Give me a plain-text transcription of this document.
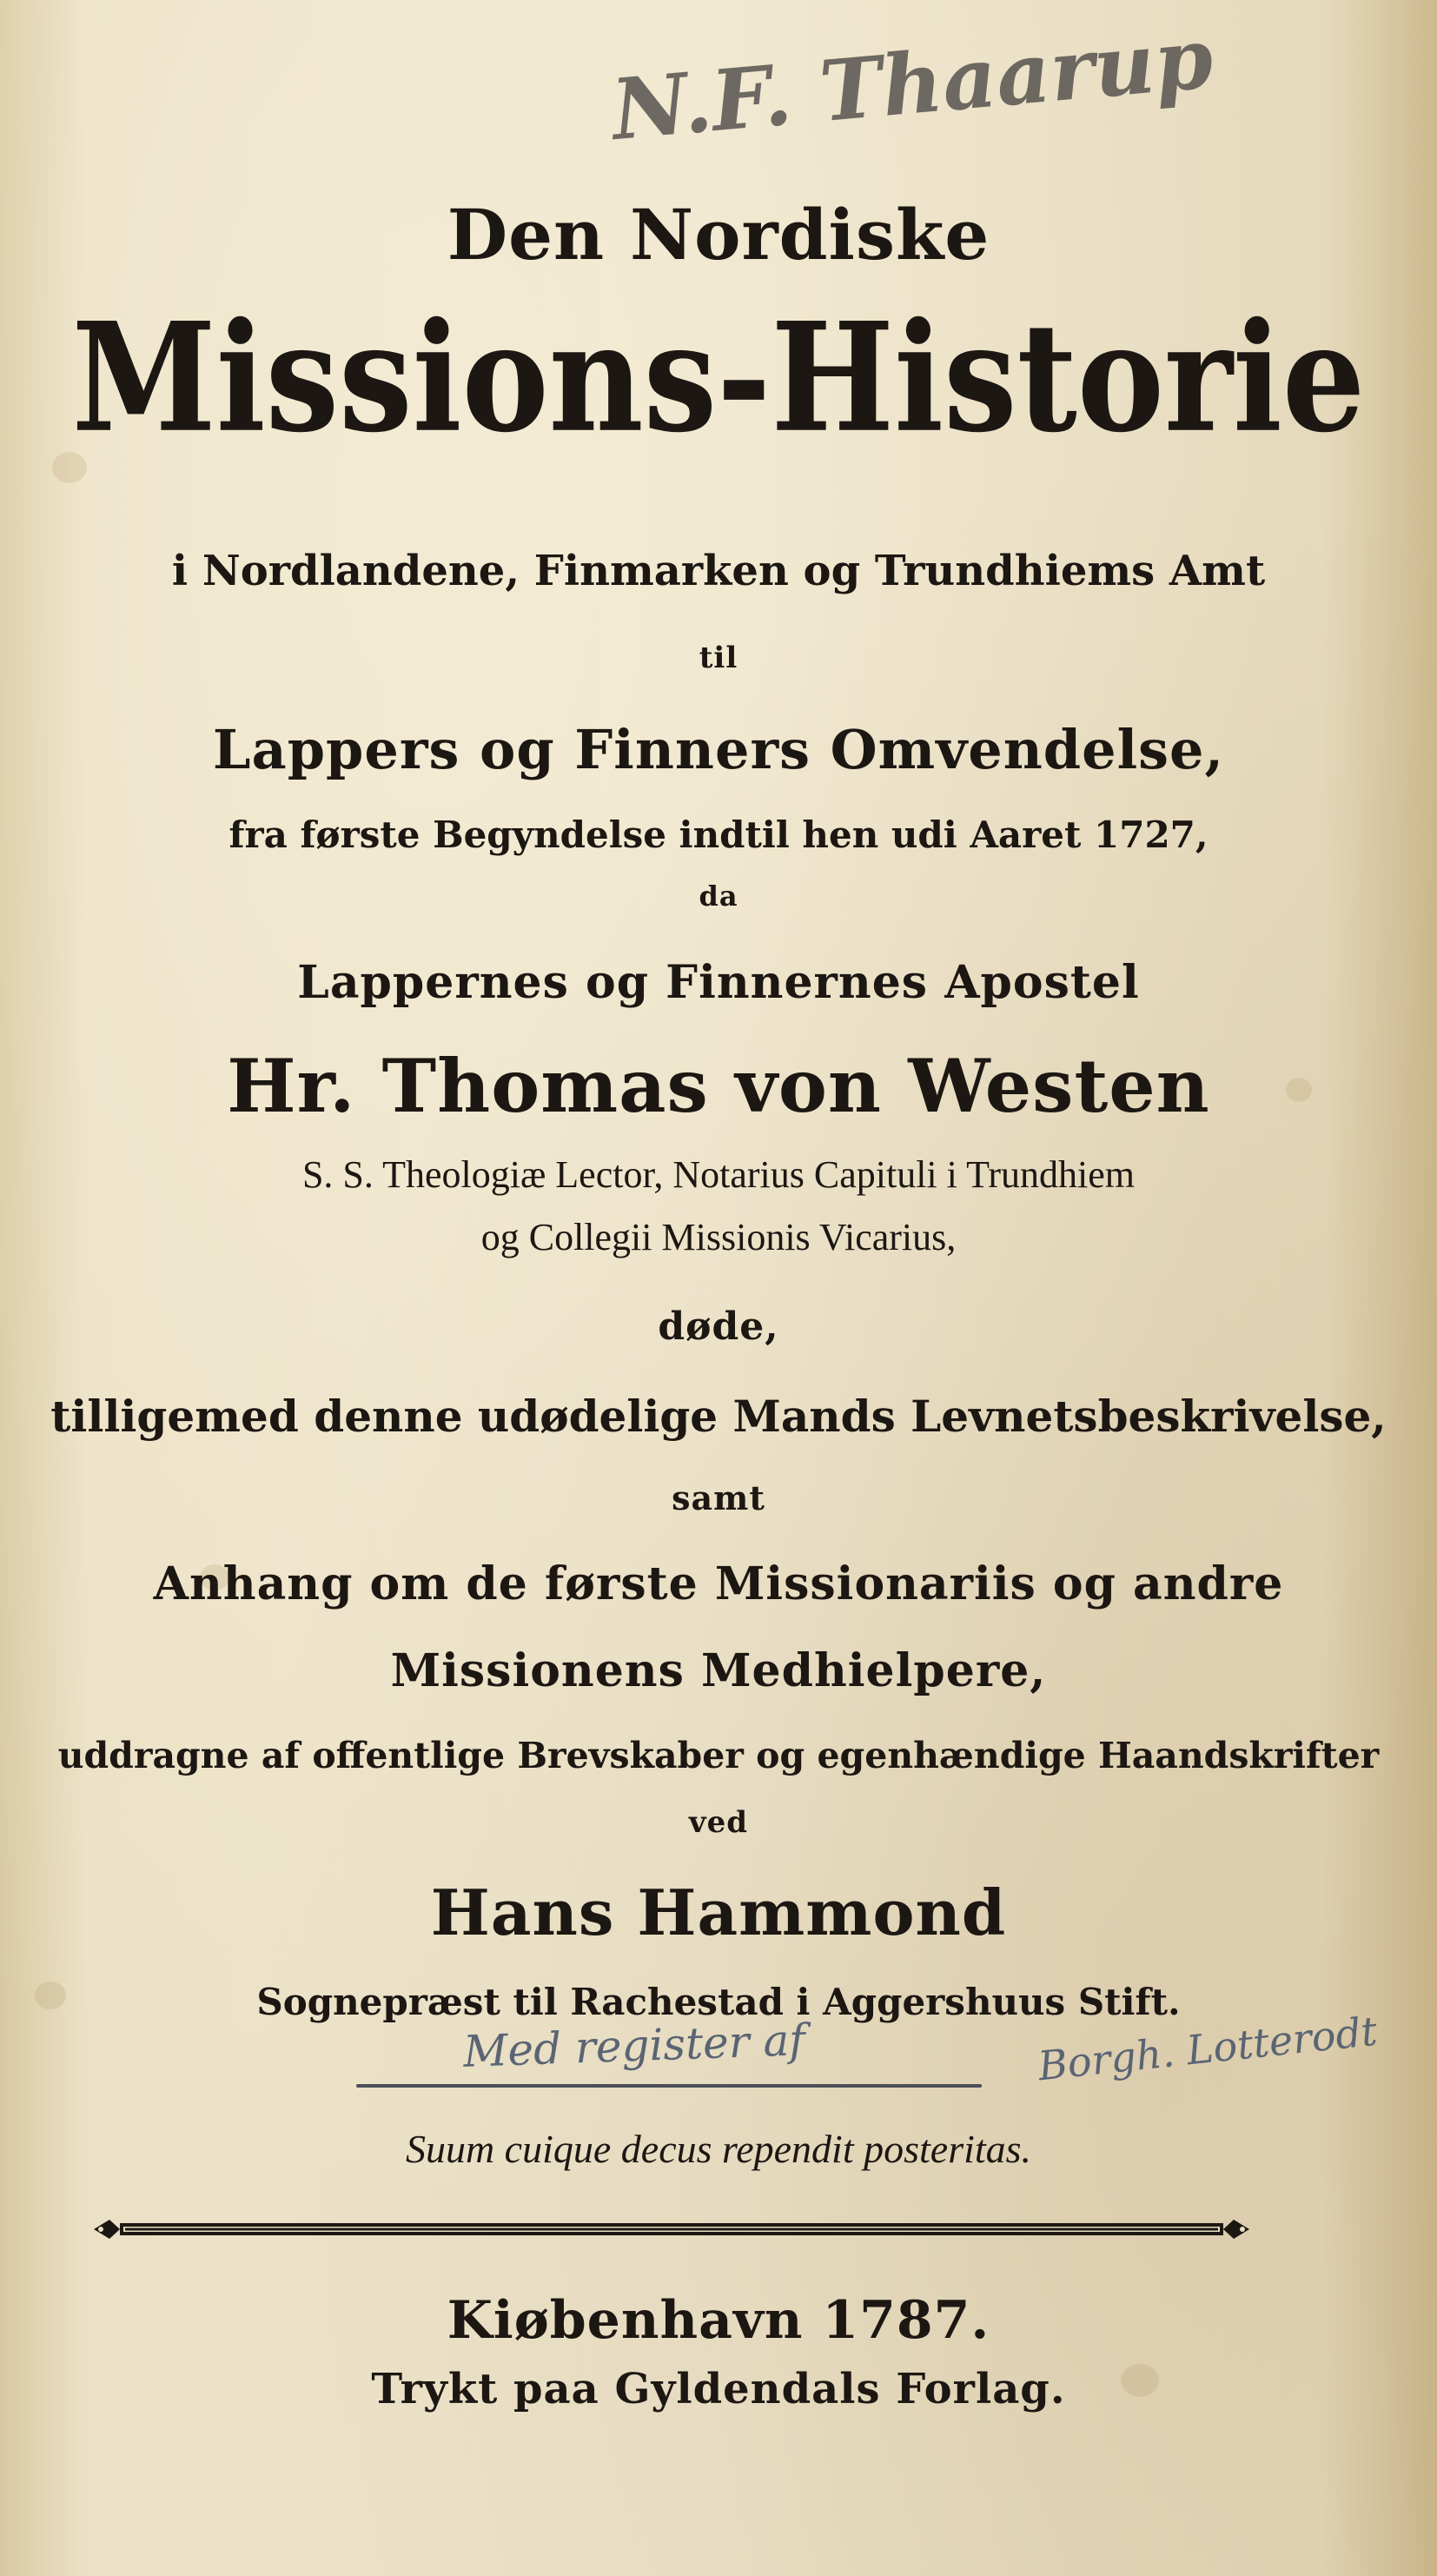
N.F. Thaarup
Den Nordiske
Missions-Historie
i Nordlandene, Finmarken og Trundhiems Amt
til
Lappers og Finners Omvendelse,
fra første Begyndelse indtil hen udi Aaret 1727,
da
Lappernes og Finnernes Apostel
Hr. Thomas von Westen
S. S. Theologiæ Lector, Notarius Capituli i Trundhiem
og Collegii Missionis Vicarius,
døde,
tilligemed denne udødelige Mands Levnetsbeskrivelse,
samt
Anhang om de første Missionariis og andre
Missionens Medhielpere,
uddragne af offentlige Brevskaber og egenhændige Haandskrifter
ved
Hans Hammond
Sognepræst til Rachestad i Aggershuus Stift.
Med register af	Borgh. Lotterodt
Suum cuique decus rependit posteritas.
Kiøbenhavn 1787.
Trykt paa Gyldendals Forlag.
